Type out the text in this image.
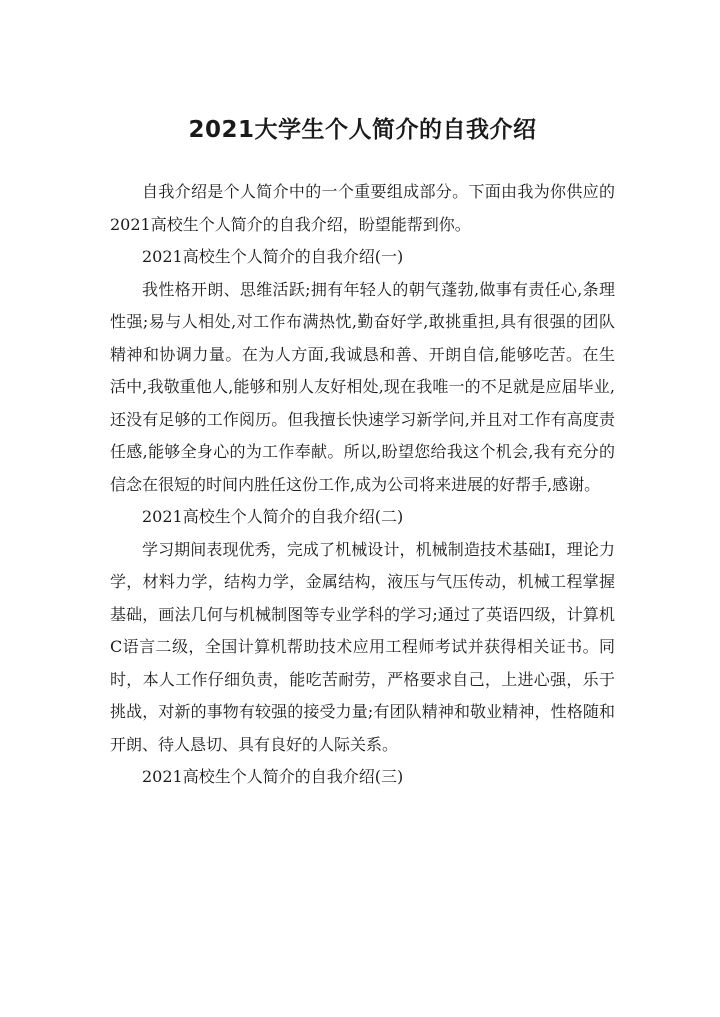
2021大学生个人简介的自我介绍

自我介绍是个人简介中的一个重要组成部分。下面由我为你供应的2021高校生个人简介的自我介绍，盼望能帮到你。

2021高校生个人简介的自我介绍(一)

我性格开朗、思维活跃;拥有年轻人的朝气蓬勃,做事有责任心,条理性强;易与人相处,对工作布满热忱,勤奋好学,敢挑重担,具有很强的团队精神和协调力量。在为人方面,我诚恳和善、开朗自信,能够吃苦。在生活中,我敬重他人,能够和别人友好相处,现在我唯一的不足就是应届毕业,还没有足够的工作阅历。但我擅长快速学习新学问,并且对工作有高度责任感,能够全身心的为工作奉献。所以,盼望您给我这个机会,我有充分的信念在很短的时间内胜任这份工作,成为公司将来进展的好帮手,感谢。

2021高校生个人简介的自我介绍(二)

学习期间表现优秀，完成了机械设计，机械制造技术基础Ⅰ，理论力学，材料力学，结构力学，金属结构，液压与气压传动，机械工程掌握基础，画法几何与机械制图等专业学科的学习;通过了英语四级，计算机C语言二级，全国计算机帮助技术应用工程师考试并获得相关证书。同时，本人工作仔细负责，能吃苦耐劳，严格要求自己，上进心强，乐于挑战，对新的事物有较强的接受力量;有团队精神和敬业精神，性格随和开朗、待人恳切、具有良好的人际关系。

2021高校生个人简介的自我介绍(三)
